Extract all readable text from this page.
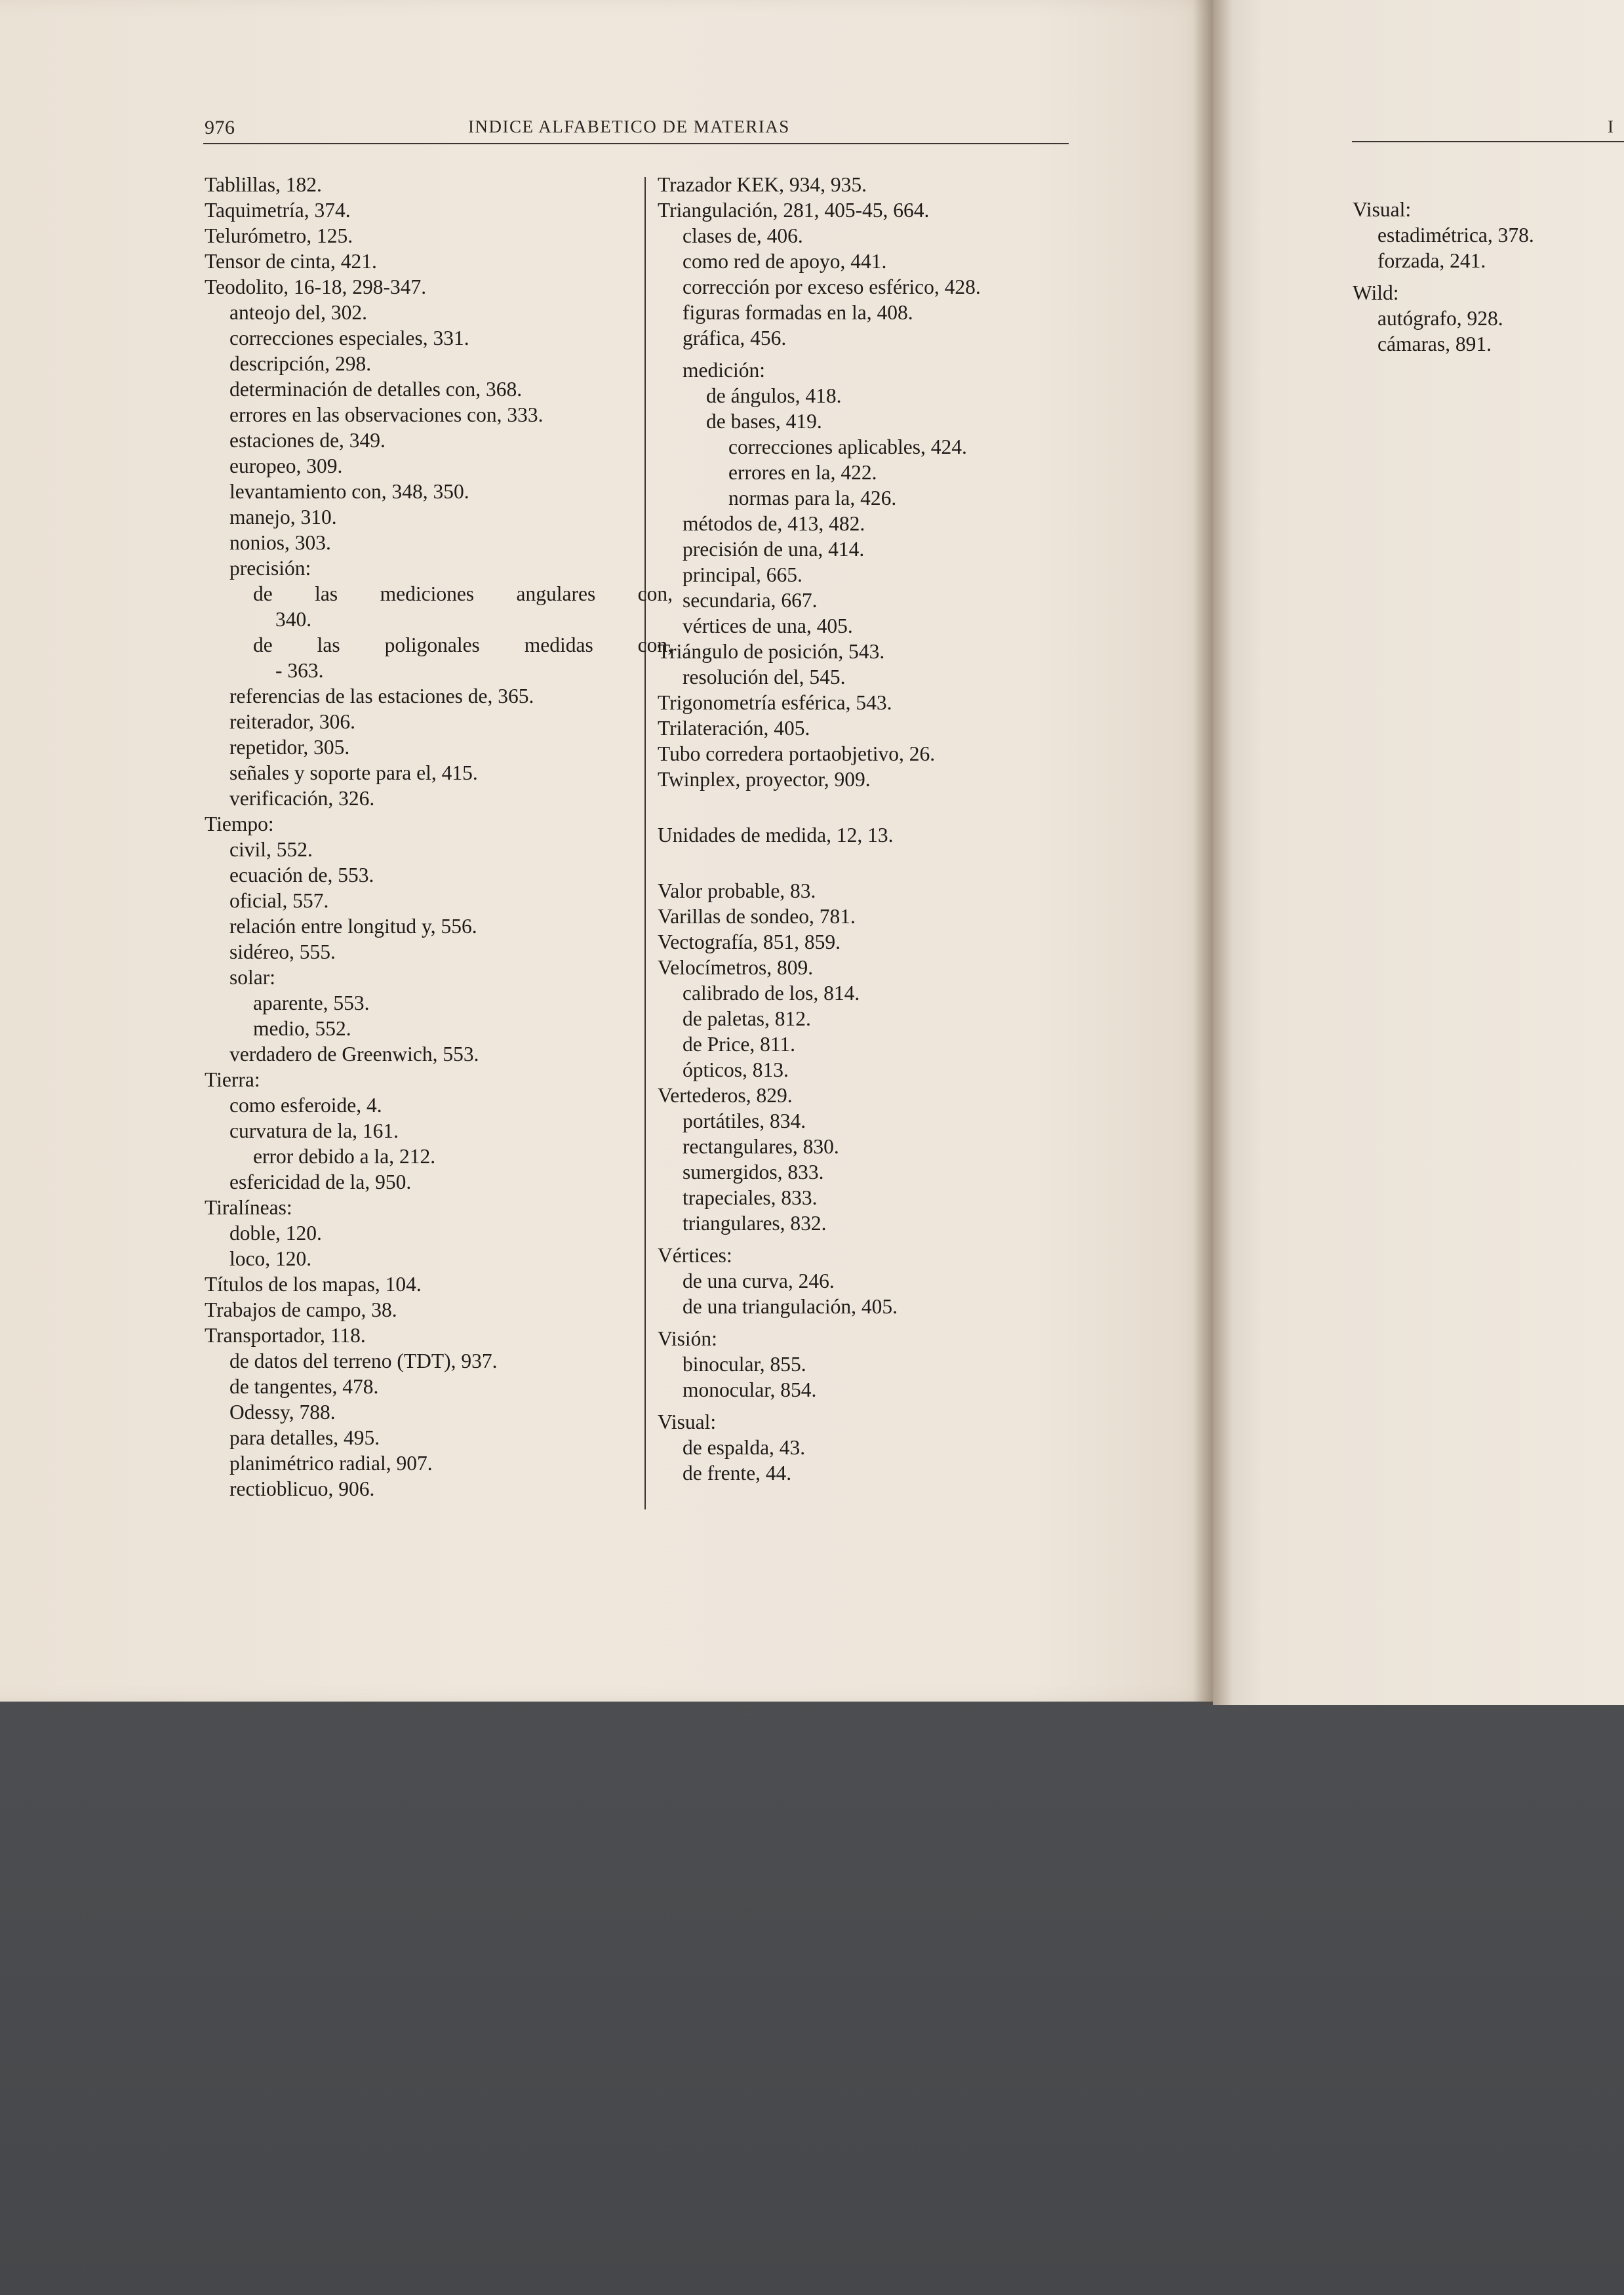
976	INDICE ALFABETICO DE MATERIAS	I
Tablillas, 182.
Taquimetría, 374.
Telurómetro, 125.
Tensor de cinta, 421.
Teodolito, 16-18, 298-347.
anteojo del, 302.
correcciones especiales, 331.
descripción, 298.
determinación de detalles con, 368.
errores en las observaciones con, 333.
estaciones de, 349.
europeo, 309.
levantamiento con, 348, 350.
manejo, 310.
nonios, 303.
precisión:
de las mediciones angulares con,
340.
de las poligonales medidas con,
- 363.
referencias de las estaciones de, 365.
reiterador, 306.
repetidor, 305.
señales y soporte para el, 415.
verificación, 326.
Tiempo:
civil, 552.
ecuación de, 553.
oficial, 557.
relación entre longitud y, 556.
sidéreo, 555.
solar:
aparente, 553.
medio, 552.
verdadero de Greenwich, 553.
Tierra:
como esferoide, 4.
curvatura de la, 161.
error debido a la, 212.
esfericidad de la, 950.
Tiralíneas:
doble, 120.
loco, 120.
Títulos de los mapas, 104.
Trabajos de campo, 38.
Transportador, 118.
de datos del terreno (TDT), 937.
de tangentes, 478.
Odessy, 788.
para detalles, 495.
planimétrico radial, 907.
rectioblicuo, 906.
Trazador KEK, 934, 935.
Triangulación, 281, 405-45, 664.
clases de, 406.
como red de apoyo, 441.
corrección por exceso esférico, 428.
figuras formadas en la, 408.
gráfica, 456.
medición:
de ángulos, 418.
de bases, 419.
correcciones aplicables, 424.
errores en la, 422.
normas para la, 426.
métodos de, 413, 482.
precisión de una, 414.
principal, 665.
secundaria, 667.
vértices de una, 405.
Triángulo de posición, 543.
resolución del, 545.
Trigonometría esférica, 543.
Trilateración, 405.
Tubo corredera portaobjetivo, 26.
Twinplex, proyector, 909.
Unidades de medida, 12, 13.
Valor probable, 83.
Varillas de sondeo, 781.
Vectografía, 851, 859.
Velocímetros, 809.
calibrado de los, 814.
de paletas, 812.
de Price, 811.
ópticos, 813.
Vertederos, 829.
portátiles, 834.
rectangulares, 830.
sumergidos, 833.
trapeciales, 833.
triangulares, 832.
Vértices:
de una curva, 246.
de una triangulación, 405.
Visión:
binocular, 855.
monocular, 854.
Visual:
de espalda, 43.
de frente, 44.
Visual:
estadimétrica, 378.
forzada, 241.
Wild:
autógrafo, 928.
cámaras, 891.
